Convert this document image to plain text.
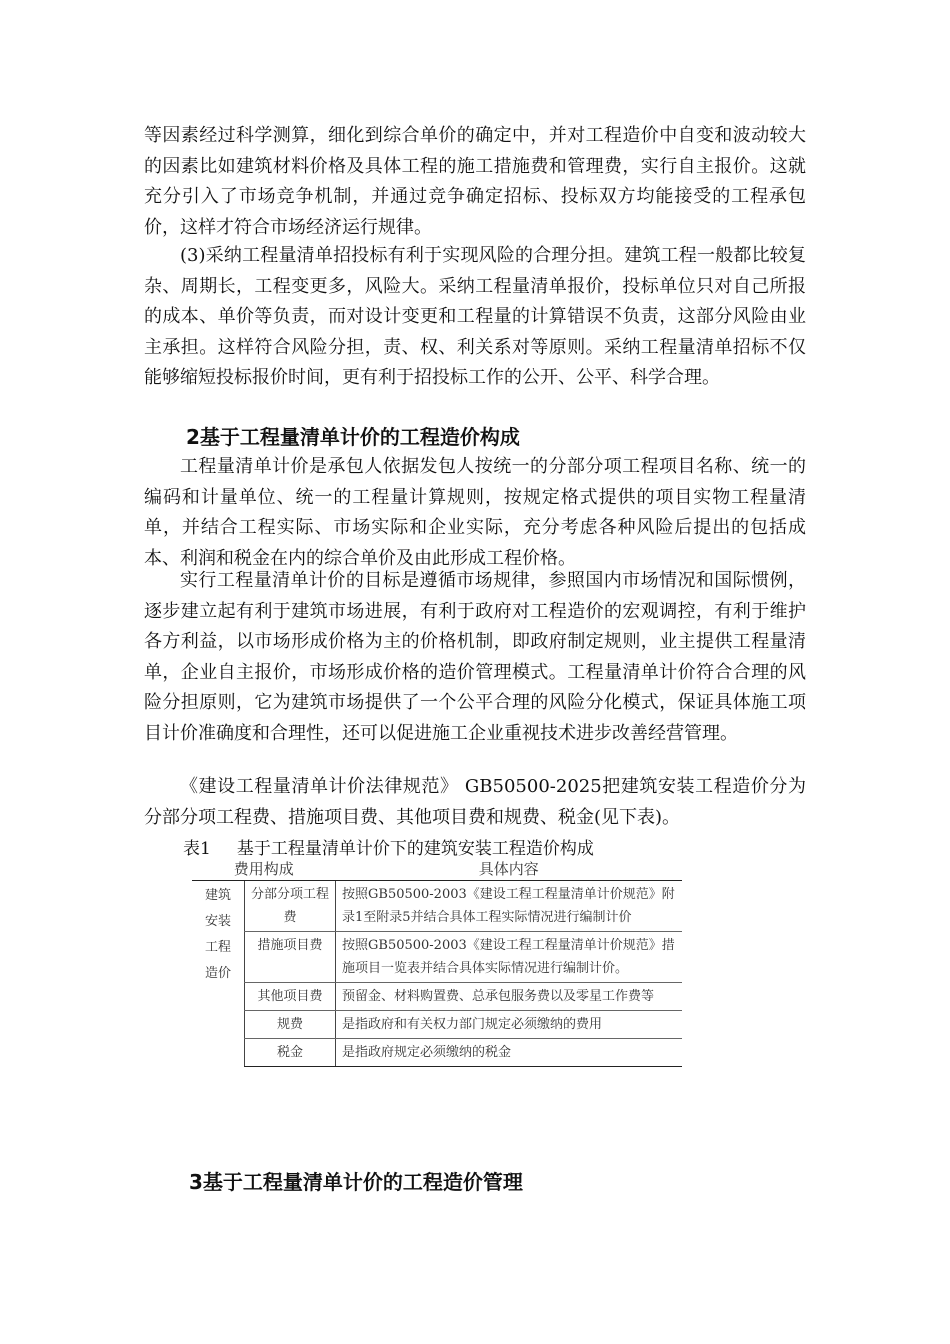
等因素经过科学测算，细化到综合单价的确定中，并对工程造价中自变和波动较大的因素比如建筑材料价格及具体工程的施工措施费和管理费，实行自主报价。这就充分引入了市场竞争机制，并通过竞争确定招标、投标双方均能接受的工程承包价，这样才符合市场经济运行规律。

(3)采纳工程量清单招投标有利于实现风险的合理分担。建筑工程一般都比较复杂、周期长，工程变更多，风险大。采纳工程量清单报价，投标单位只对自己所报的成本、单价等负责，而对设计变更和工程量的计算错误不负责，这部分风险由业主承担。这样符合风险分担，责、权、利关系对等原则。采纳工程量清单招标不仅能够缩短投标报价时间，更有利于招投标工作的公开、公平、科学合理。

2基于工程量清单计价的工程造价构成

工程量清单计价是承包人依据发包人按统一的分部分项工程项目名称、统一的编码和计量单位、统一的工程量计算规则，按规定格式提供的项目实物工程量清单，并结合工程实际、市场实际和企业实际，充分考虑各种风险后提出的包括成本、利润和税金在内的综合单价及由此形成工程价格。

实行工程量清单计价的目标是遵循市场规律，参照国内市场情况和国际惯例，逐步建立起有利于建筑市场进展，有利于政府对工程造价的宏观调控，有利于维护各方利益，以市场形成价格为主的价格机制，即政府制定规则，业主提供工程量清单，企业自主报价，市场形成价格的造价管理模式。工程量清单计价符合合理的风险分担原则，它为建筑市场提供了一个公平合理的风险分化模式，保证具体施工项目计价准确度和合理性，还可以促进施工企业重视技术进步改善经营管理。

《建设工程量清单计价法律规范》 GB50500-2025把建筑安装工程造价分为分部分项工程费、措施项目费、其他项目费和规费、税金(见下表)。

表1 基于工程量清单计价下的建筑安装工程造价构成
费用构成		具体内容
建筑
安装
工程
造价	分部分项工程费	按照GB50500-2003《建设工程工程量清单计价规范》附录1至附录5并结合具体工程实际情况进行编制计价
	措施项目费	按照GB50500-2003《建设工程工程量清单计价规范》措施项目一览表并结合具体实际情况进行编制计价。
	其他项目费	预留金、材料购置费、总承包服务费以及零星工作费等
	规费	是指政府和有关权力部门规定必须缴纳的费用
	税金	是指政府规定必须缴纳的税金
3基于工程量清单计价的工程造价管理
